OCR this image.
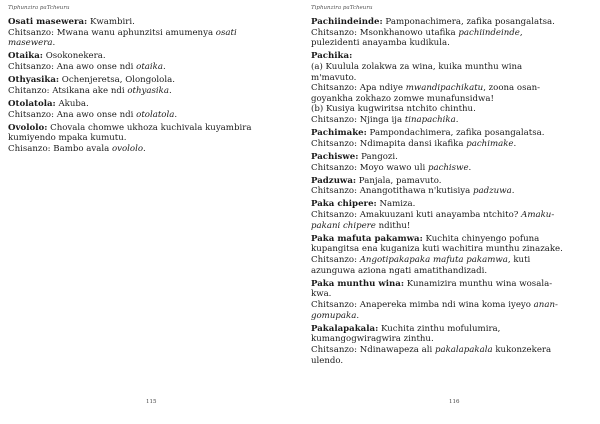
Tiphunzira paTcheuru
Osati masewera: Kwambiri.
Chitsanzo: Mwana wanu aphunzitsi amumenya osati
masewera.
Otaika: Osokonekera.
Chitsanzo: Ana awo onse ndi otaika.
Othyasika: Ochenjeretsa, Olongolola.
Chitanzo: Atsikana ake ndi othyasika.
Otolatola: Akuba.
Chitsanzo: Ana awo onse ndi otolatola.
Ovololo: Chovala chomwe ukhoza kuchivala kuyambira
kumiyendo mpaka kumutu.
Chisanzo: Bambo avala ovololo.
115
Tiphunzira paTcheuru
Pachiindeinde: Pamponachimera, zafika posangalatsa.
Chitsanzo: Msonkhanowo utafika pachiindeinde,
pulezidenti anayamba kudikula.
Pachika:
(a) Kuulula zolakwa za wina, kuika munthu wina
m'mavuto.
Chitsanzo: Apa ndiye mwandipachikatu, zoona osan-
goyankha zokhazo zomwe munafunsidwa!
(b) Kusiya kugwiritsa ntchito chinthu.
Chitsanzo: Njinga ija tinapachika.
Pachimake: Pampondachimera, zafika posangalatsa.
Chitsanzo: Ndimapita dansi ikafika pachimake.
Pachiswe: Pangozi.
Chitsanzo: Moyo wawo uli pachiswe.
Padzuwa: Panjala, pamavuto.
Chitsanzo: Anangotithawa n'kutisiya padzuwa.
Paka chipere: Namiza.
Chitsanzo: Amakuuzani kuti anayamba ntchito? Amaku-
pakani chipere ndithu!
Paka mafuta pakamwa: Kuchita chinyengo pofuna
kupangitsa ena kuganiza kuti wachitira munthu zinazake.
Chitsanzo: Angotipakapaka mafuta pakamwa, kuti
azunguwa aziona ngati amatithandizadi.
Paka munthu wina: Kunamizira munthu wina wosala-
kwa.
Chitsanzo: Anapereka mimba ndi wina koma iyeyo anan-
gomupaka.
Pakalapakala: Kuchita zinthu mofulumira,
kumangogwiragwira zinthu.
Chitsanzo: Ndinawapeza ali pakalapakala kukonzekera
ulendo.
116
